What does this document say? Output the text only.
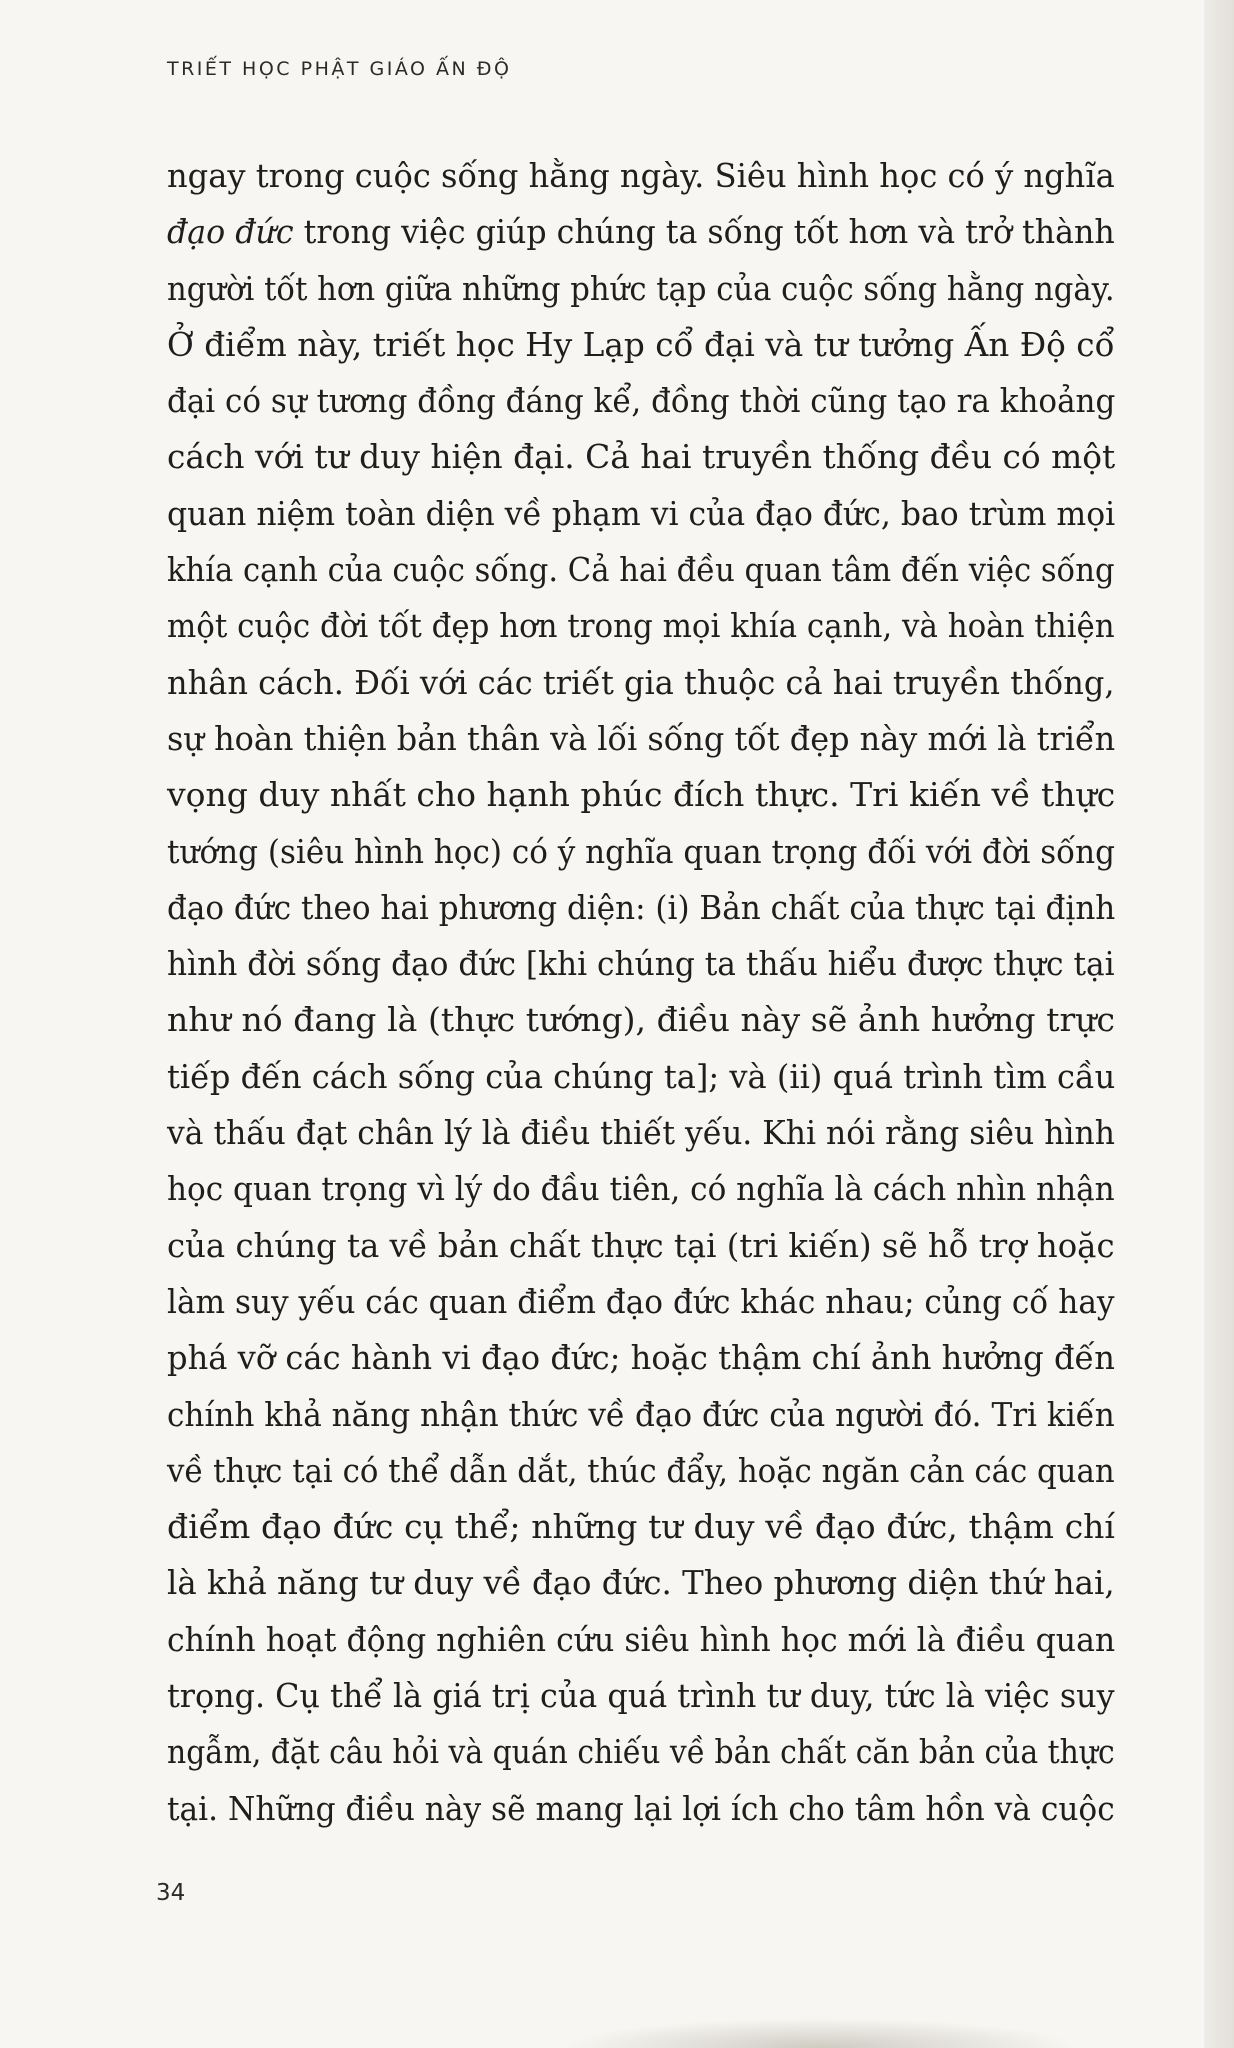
TRIẾT HỌC PHẬT GIÁO ẤN ĐỘ
ngay trong cuộc sống hằng ngày. Siêu hình học có ý nghĩa
đạo đức trong việc giúp chúng ta sống tốt hơn và trở thành
người tốt hơn giữa những phức tạp của cuộc sống hằng ngày.
Ở điểm này, triết học Hy Lạp cổ đại và tư tưởng Ấn Độ cổ
đại có sự tương đồng đáng kể, đồng thời cũng tạo ra khoảng
cách với tư duy hiện đại. Cả hai truyền thống đều có một
quan niệm toàn diện về phạm vi của đạo đức, bao trùm mọi
khía cạnh của cuộc sống. Cả hai đều quan tâm đến việc sống
một cuộc đời tốt đẹp hơn trong mọi khía cạnh, và hoàn thiện
nhân cách. Đối với các triết gia thuộc cả hai truyền thống,
sự hoàn thiện bản thân và lối sống tốt đẹp này mới là triển
vọng duy nhất cho hạnh phúc đích thực. Tri kiến về thực
tướng (siêu hình học) có ý nghĩa quan trọng đối với đời sống
đạo đức theo hai phương diện: (i) Bản chất của thực tại định
hình đời sống đạo đức [khi chúng ta thấu hiểu được thực tại
như nó đang là (thực tướng), điều này sẽ ảnh hưởng trực
tiếp đến cách sống của chúng ta]; và (ii) quá trình tìm cầu
và thấu đạt chân lý là điều thiết yếu. Khi nói rằng siêu hình
học quan trọng vì lý do đầu tiên, có nghĩa là cách nhìn nhận
của chúng ta về bản chất thực tại (tri kiến) sẽ hỗ trợ hoặc
làm suy yếu các quan điểm đạo đức khác nhau; củng cố hay
phá vỡ các hành vi đạo đức; hoặc thậm chí ảnh hưởng đến
chính khả năng nhận thức về đạo đức của người đó. Tri kiến
về thực tại có thể dẫn dắt, thúc đẩy, hoặc ngăn cản các quan
điểm đạo đức cụ thể; những tư duy về đạo đức, thậm chí
là khả năng tư duy về đạo đức. Theo phương diện thứ hai,
chính hoạt động nghiên cứu siêu hình học mới là điều quan
trọng. Cụ thể là giá trị của quá trình tư duy, tức là việc suy
ngẫm, đặt câu hỏi và quán chiếu về bản chất căn bản của thực
tại. Những điều này sẽ mang lại lợi ích cho tâm hồn và cuộc
34
